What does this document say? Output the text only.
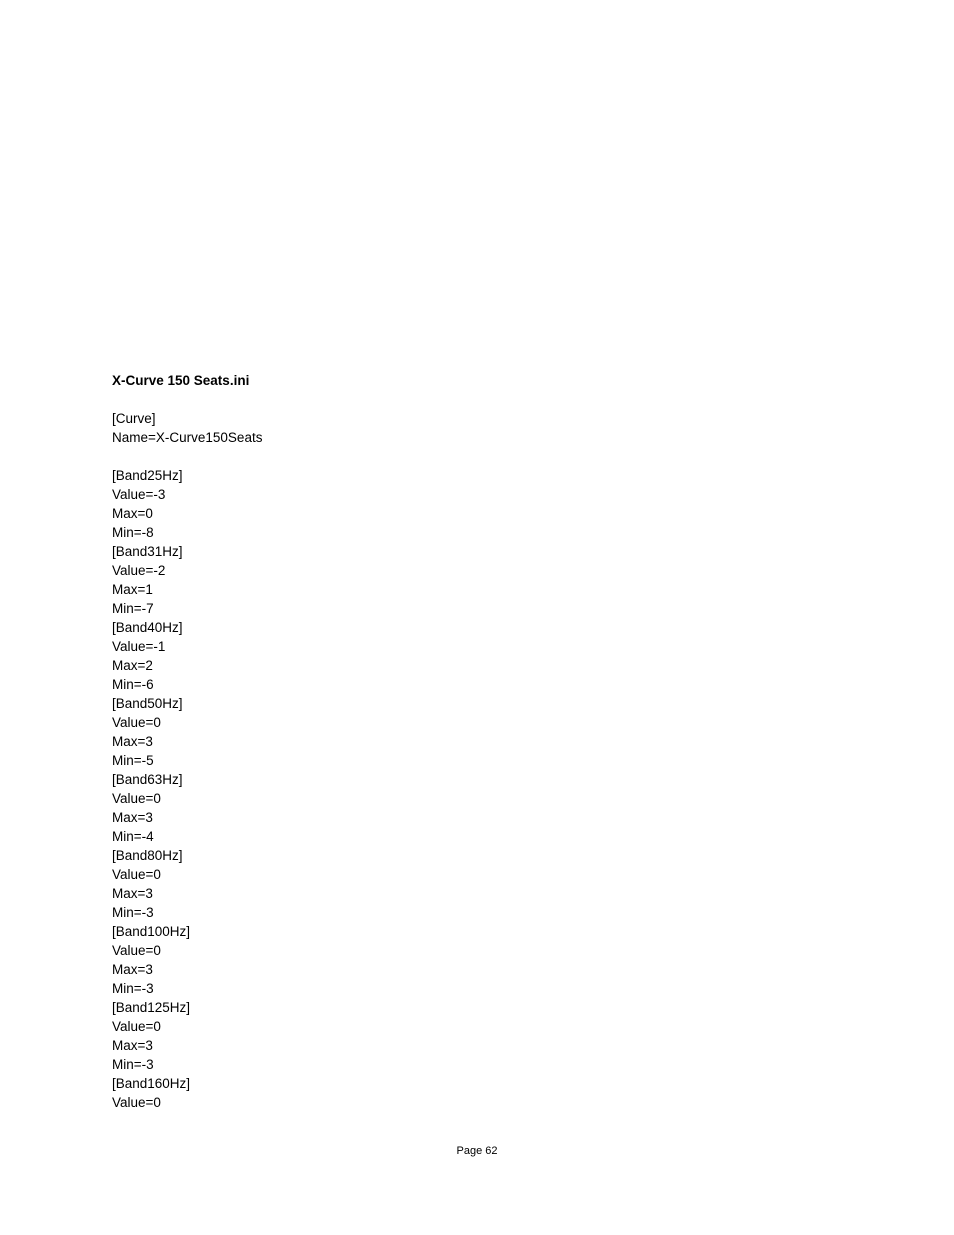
X-Curve 150 Seats.ini
[Curve]
Name=X-Curve150Seats
[Band25Hz]
Value=-3
Max=0
Min=-8
[Band31Hz]
Value=-2
Max=1
Min=-7
[Band40Hz]
Value=-1
Max=2
Min=-6
[Band50Hz]
Value=0
Max=3
Min=-5
[Band63Hz]
Value=0
Max=3
Min=-4
[Band80Hz]
Value=0
Max=3
Min=-3
[Band100Hz]
Value=0
Max=3
Min=-3
[Band125Hz]
Value=0
Max=3
Min=-3
[Band160Hz]
Value=0
Page 62
